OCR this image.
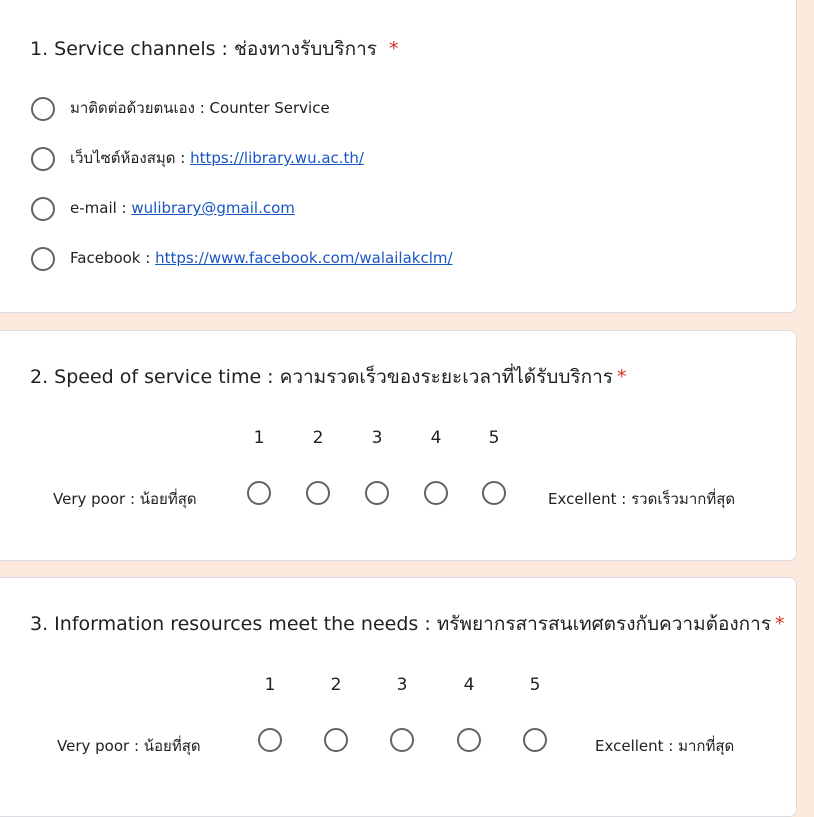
1. Service channels : ช่องทางรับบริการ *
มาติดต่อด้วยตนเอง : Counter Service
เว็บไซต์ห้องสมุด : https://library.wu.ac.th/
e-mail : wulibrary@gmail.com
Facebook : https://www.facebook.com/walailakclm/
2. Speed of service time : ความรวดเร็วของระยะเวลาที่ได้รับบริการ *
1	2	3	4	5
Very poor : น้อยที่สุด	Excellent : รวดเร็วมากที่สุด
3. Information resources meet the needs : ทรัพยากรสารสนเทศตรงกับความต้องการ *
1	2	3	4	5
Very poor : น้อยที่สุด	Excellent : มากที่สุด
